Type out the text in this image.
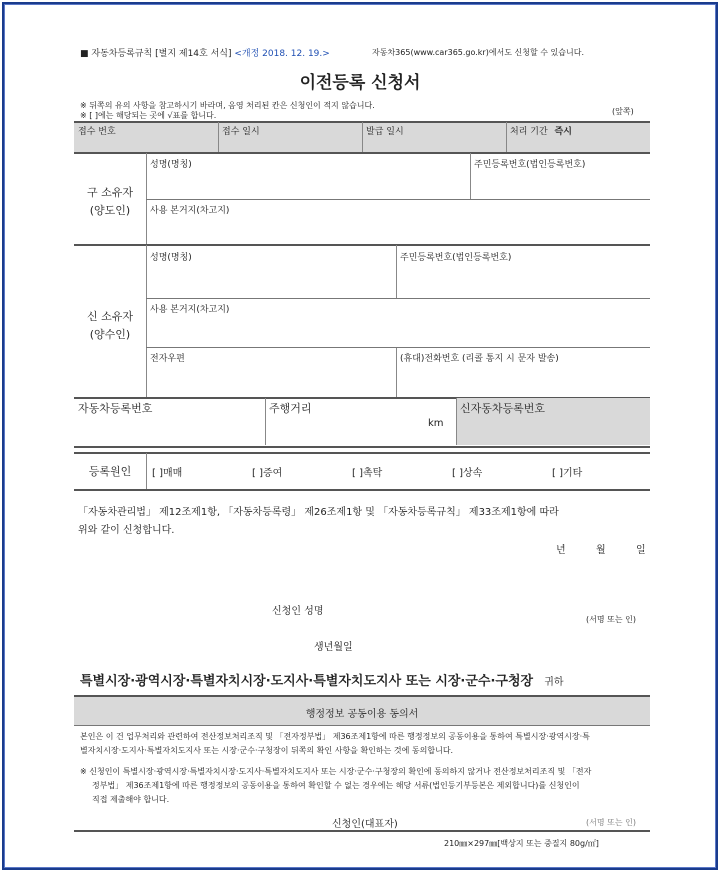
■ 자동차등록규칙 [별지 제14호 서식] <개정 2018. 12. 19.>	자동차365(www.car365.go.kr)에서도 신청할 수 있습니다.
이전등록 신청서
※ 뒤쪽의 유의 사항을 참고하시기 바라며, 음영 처리된 칸은 신청인이 적지 않습니다.
※ [ ]에는 해당되는 곳에 √표를 합니다.	(앞쪽)
접수 번호	접수 일시	발급 일시	처리 기간 즉시
구 소유자
(양도인)
성명(명칭)	주민등록번호(법인등록번호)
사용 본거지(차고지)
신 소유자
(양수인)
성명(명칭)	주민등록번호(법인등록번호)
사용 본거지(차고지)
전자우편	(휴대)전화번호 (리콜 통지 시 문자 발송)
자동차등록번호	주행거리
km
신자동차등록번호
등록원인	[ ]매매	[ ]증여	[ ]촉탁	[ ]상속	[ ]기타
「자동차관리법」 제12조제1항, 「자동차등록령」 제26조제1항 및 「자동차등록규칙」 제33조제1항에 따라
위와 같이 신청합니다.
년	월	일
신청인 성명
(서명 또는 인)
생년월일
특별시장·광역시장·특별자치시장·도지사·특별자치도지사 또는 시장·군수·구청장 귀하
행정정보 공동이용 동의서
본인은 이 건 업무처리와 관련하여 전산정보처리조직 및 「전자정부법」 제36조제1항에 따른 행정정보의 공동이용을 통하여 특별시장·광역시장·특
별자치시장·도지사·특별자치도지사 또는 시장·군수·구청장이 뒤쪽의 확인 사항을 확인하는 것에 동의합니다.
※ 신청인이 특별시장·광역시장·특별자치시장·도지사·특별자치도지사 또는 시장·군수·구청장의 확인에 동의하지 않거나 전산정보처리조직 및 「전자
정부법」 제36조제1항에 따른 행정정보의 공동이용을 통하여 확인할 수 없는 경우에는 해당 서류(법인등기부등본은 제외합니다)를 신청인이
직접 제출해야 합니다.
신청인(대표자)	(서명 또는 인)
210㎜×297㎜[백상지 또는 중질지 80g/㎡]
